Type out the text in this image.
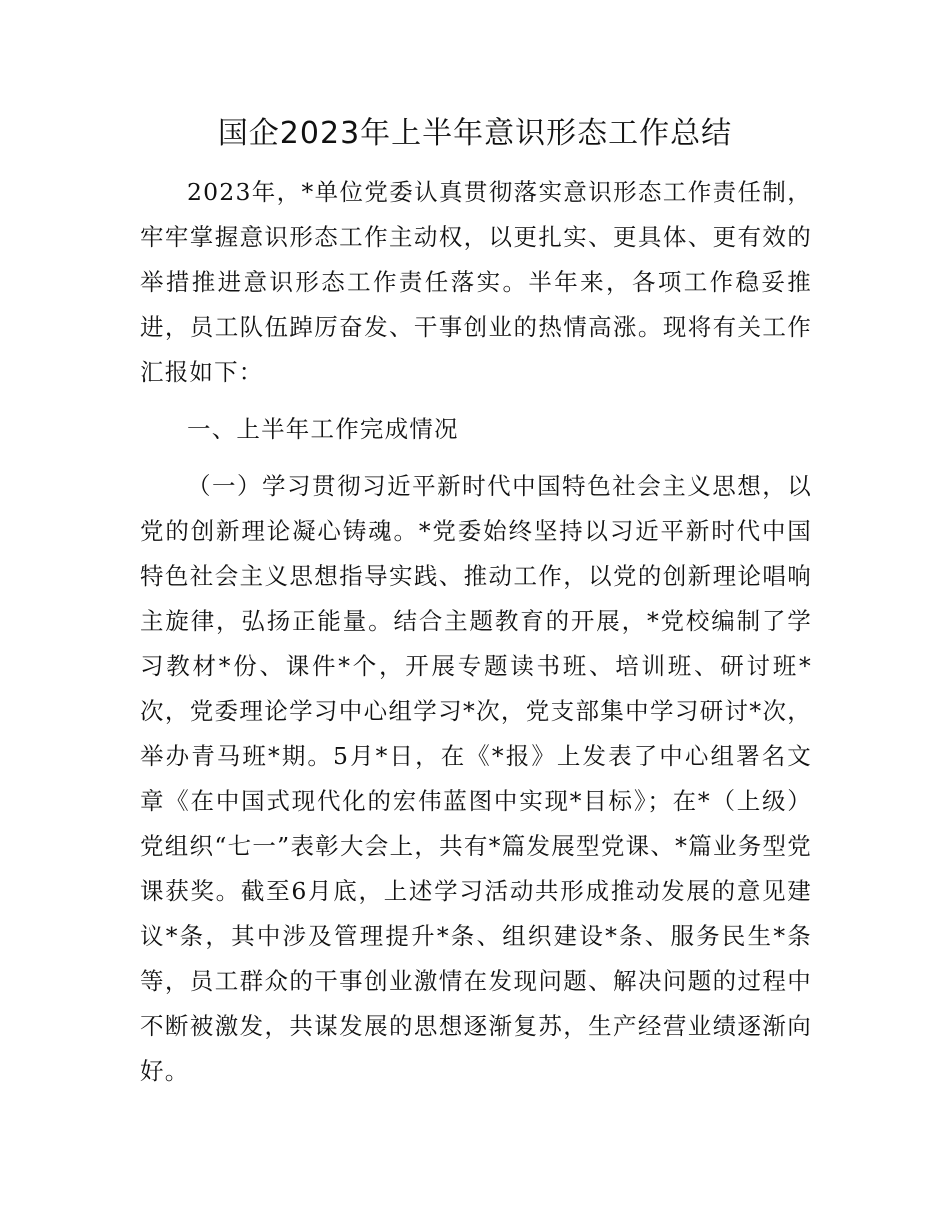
国企2023年上半年意识形态工作总结

2023年，*单位党委认真贯彻落实意识形态工作责任制，牢牢掌握意识形态工作主动权，以更扎实、更具体、更有效的举措推进意识形态工作责任落实。半年来，各项工作稳妥推进，员工队伍踔厉奋发、干事创业的热情高涨。现将有关工作汇报如下：

一、上半年工作完成情况

（一）学习贯彻习近平新时代中国特色社会主义思想，以党的创新理论凝心铸魂。*党委始终坚持以习近平新时代中国特色社会主义思想指导实践、推动工作，以党的创新理论唱响主旋律，弘扬正能量。结合主题教育的开展，*党校编制了学习教材*份、课件*个，开展专题读书班、培训班、研讨班*次，党委理论学习中心组学习*次，党支部集中学习研讨*次，举办青马班*期。5月*日，在《*报》上发表了中心组署名文章《在中国式现代化的宏伟蓝图中实现*目标》；在*（上级）党组织“七一”表彰大会上，共有*篇发展型党课、*篇业务型党课获奖。截至6月底，上述学习活动共形成推动发展的意见建议*条，其中涉及管理提升*条、组织建设*条、服务民生*条等，员工群众的干事创业激情在发现问题、解决问题的过程中不断被激发，共谋发展的思想逐渐复苏，生产经营业绩逐渐向好。
